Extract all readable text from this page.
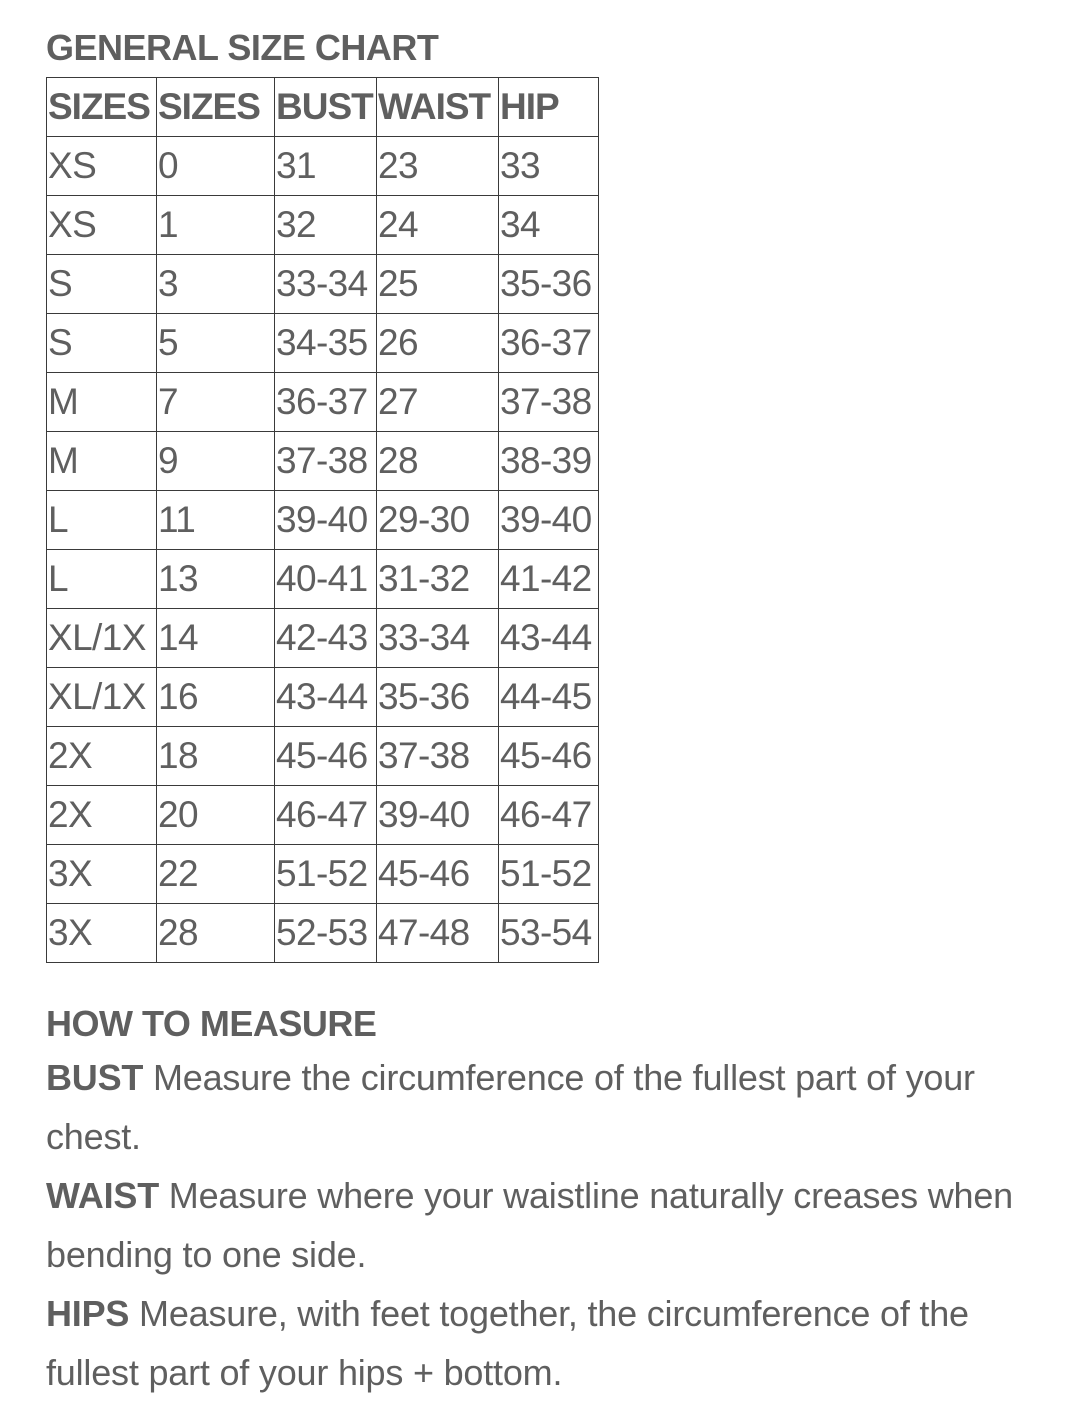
GENERAL SIZE CHART
SIZES	SIZES	BUST	WAIST	HIP
XS	0	31	23	33
XS	1	32	24	34
S	3	33-34	25	35-36
S	5	34-35	26	36-37
M	7	36-37	27	37-38
M	9	37-38	28	38-39
L	11	39-40	29-30	39-40
L	13	40-41	31-32	41-42
XL/1X	14	42-43	33-34	43-44
XL/1X	16	43-44	35-36	44-45
2X	18	45-46	37-38	45-46
2X	20	46-47	39-40	46-47
3X	22	51-52	45-46	51-52
3X	28	52-53	47-48	53-54
HOW TO MEASURE

BUST Measure the circumference of the fullest part of your chest.

WAIST Measure where your waistline naturally creases when bending to one side.

HIPS Measure, with feet together, the circumference of the fullest part of your hips + bottom.
